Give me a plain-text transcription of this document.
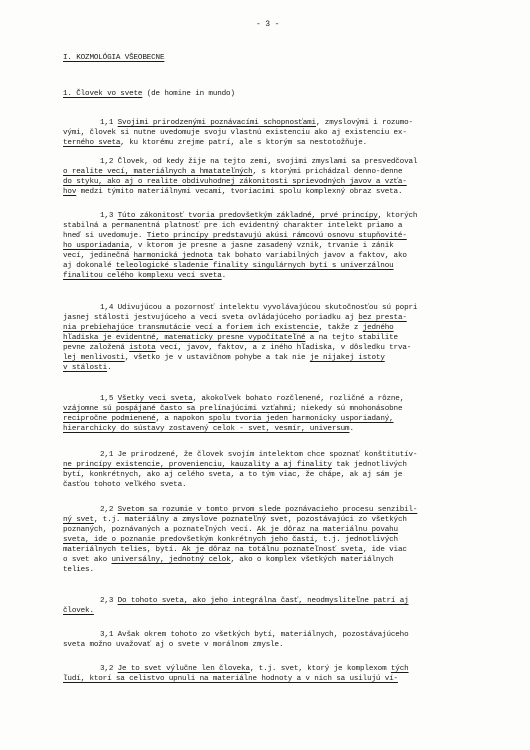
- 3 -
I. KOZMOLÓGIA VŠEOBECNE
1. Človek vo svete (de homine in mundo)
1,1 Svojimi prirodzenými poznávacími schopnosťami, zmyslovými i rozumo-
vými, človek si nutne uvedomuje svoju vlastnú existenciu ako aj existenciu ex-
terného sveta, ku ktorému zrejme patrí, ale s ktorým sa nestotožňuje.
1,2 Človek, od kedy žije na tejto zemi, svojimi zmyslami sa presvedčoval
o realite vecí, materiálnych a hmatateľných, s ktorými prichádzal denno-denne
do styku, ako aj o realite obdivuhodnej zákonitosti sprievodných javov a vzťa-
hov medzi týmito materiálnymi vecami, tvoriacimi spolu komplexný obraz sveta.
1,3 Túto zákonitosť tvoria predovšetkým základné, prvé princípy, ktorých
stabilná a permanentná platnosť pre ich evidentný charakter intelekt priamo a
hneď si uvedomuje. Tieto princípy predstavujú akúsi rámcovú osnovu stupňovité-
ho usporiadania, v ktorom je presne a jasne zasadený vznik, trvanie i zánik
vecí, jedinečná harmonická jednota tak bohato variabilných javov a faktov, ako
aj dokonalé teleologické sladenie finality singulárnych bytí s univerzálnou
finalitou celého komplexu vecí sveta.
1,4 Udivujúcou a pozornosť intelektu vyvolávajúcou skutočnosťou sú popri
jasnej stálosti jestvujúceho a vecí sveta ovládajúceho poriadku aj bez presta-
nia prebiehajúce transmutácie vecí a foriem ich existencie, takže z jedného
hľadiska je evidentné, matematicky presne vypočítateľné a na tejto stabilite
pevne založená istota vecí, javov, faktov, a z iného hľadiska, v dôsledku trva-
lej menlivosti, všetko je v ustavičnom pohybe a tak nie je nijakej istoty
v stálosti.
1,5 Všetky veci sveta, akokoľvek bohato rozčlenené, rozličné a rôzne,
vzájomne sú pospájané často sa prelínajúcimi vzťahmi; niekedy sú mnohonásobne
recipročne podmienené, a napokon spolu tvoria jeden harmonicky usporiadaný,
hierarchicky do sústavy zostavený celok - svet, vesmír, universum.
2,1 Je prirodzené, že človek svojím intelektom chce spoznať konštitutív-
ne princípy existencie, provenienciu, kauzality a aj finality tak jednotlivých
bytí, konkrétnych, ako aj celého sveta, a to tým viac, že chápe, ak aj sám je
časťou tohoto veľkého sveta.
2,2 Svetom sa rozumie v tomto prvom slede poznávacieho procesu senzibil-
ný svet, t.j. materiálny a zmyslove poznateľný svet, pozostávajúci zo všetkých
poznaných, poznávaných a poznateľných vecí. Ak je dôraz na materiálnu povahu
sveta, ide o poznanie predovšetkým konkrétnych jeho častí, t.j. jednotlivých
materiálnych telies, bytí. Ak je dôraz na totálnu poznateľnosť sveta, ide viac
o svet ako universálny, jednotný celok, ako o komplex všetkých materiálnych
telies.
2,3 Do tohoto sveta, ako jeho integrálna časť, neodmysliteľne patrí aj
človek.
3,1 Avšak okrem tohoto zo všetkých bytí, materiálnych, pozostávajúceho
sveta možno uvažovať aj o svete v morálnom zmysle.
3,2 Je to svet výlučne len človeka, t.j. svet, ktorý je komplexom tých
ľudí, ktorí sa celistvo upnuli na materiálne hodnoty a v nich sa usilujú ví-
